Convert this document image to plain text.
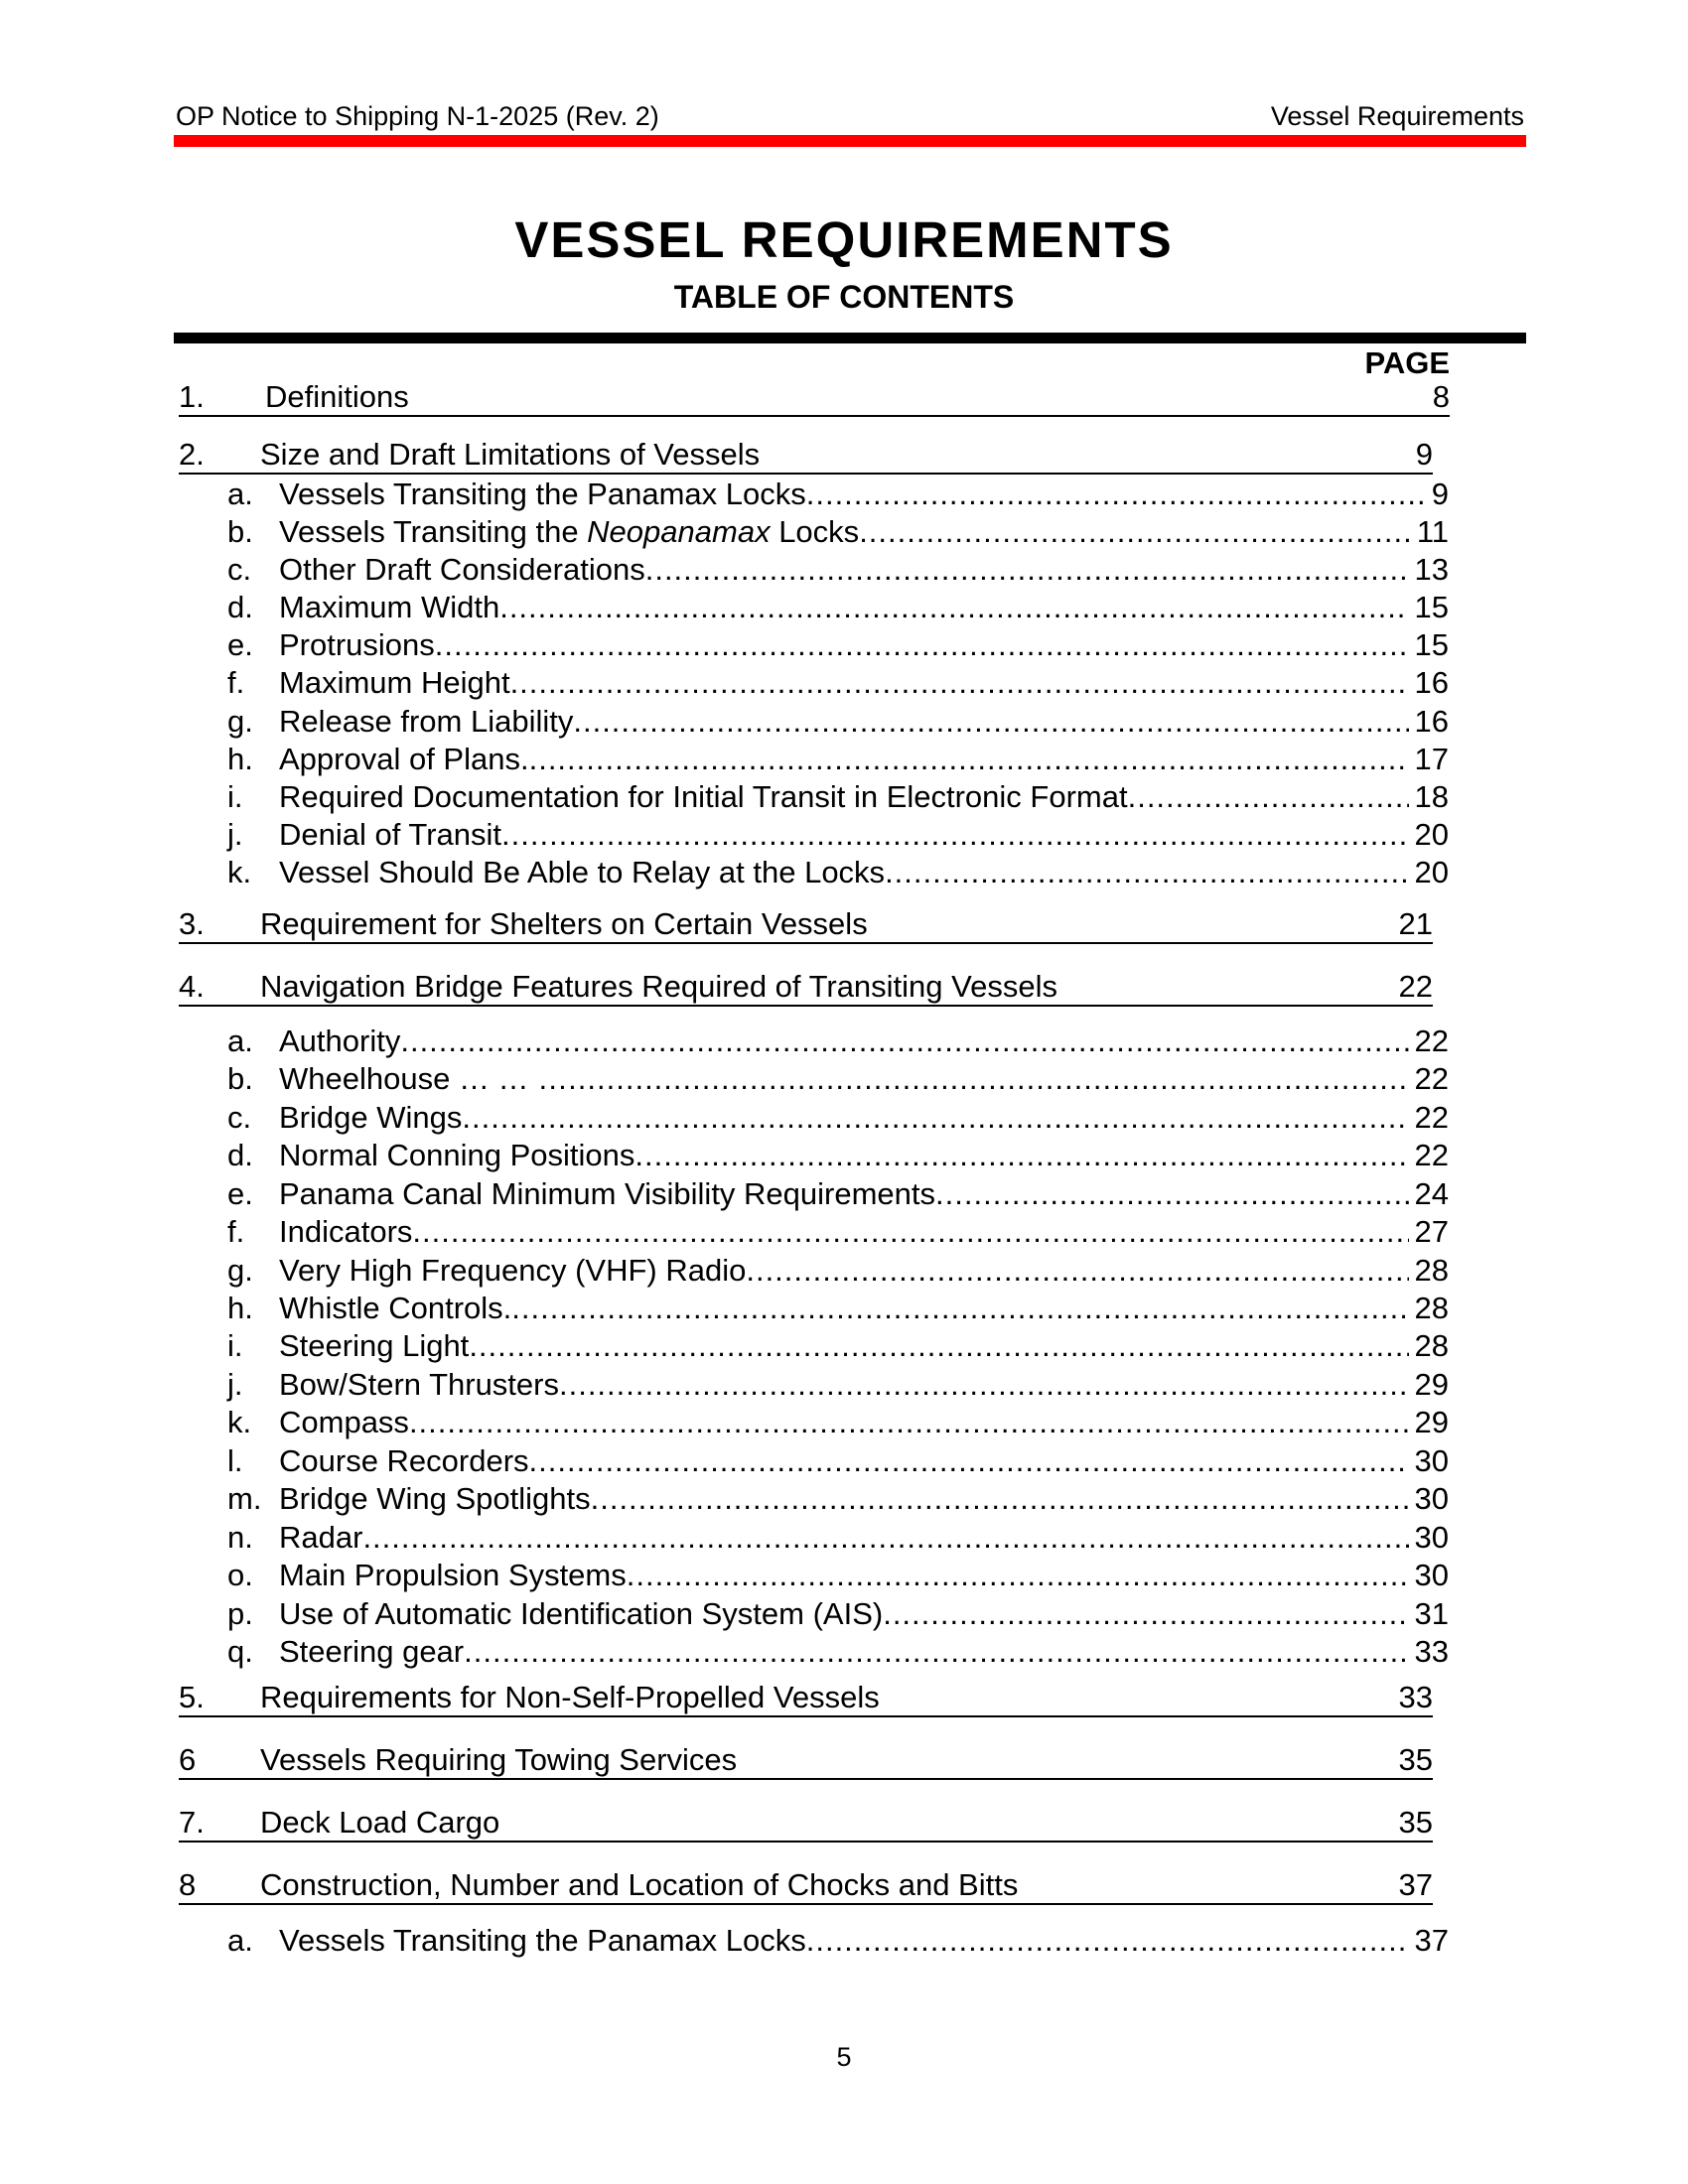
OP Notice to Shipping N-1-2025 (Rev. 2)	Vessel Requirements
VESSEL REQUIREMENTS
TABLE OF CONTENTS
PAGE
1. Definitions	8
2. Size and Draft Limitations of Vessels	9
a. Vessels Transiting the Panamax Locks .....	9
b. Vessels Transiting the Neopanamax Locks .....	11
c. Other Draft Considerations .....	13
d. Maximum Width .....	15
e. Protrusions .....	15
f.	Maximum Height .....	16
g. Release from Liability .....	16
h. Approval of Plans. .....	17
i.	Required Documentation for Initial Transit in Electronic Format .....	18
j.	Denial of Transit .....	20
k. Vessel Should Be Able to Relay at the Locks .....	20
3. Requirement for Shelters on Certain Vessels	21
4. Navigation Bridge Features Required of Transiting Vessels	22
a. Authority .....	22
b. Wheelhouse … … … .....	22
c. Bridge Wings .....	22
d. Normal Conning Positions .....	22
e. Panama Canal Minimum Visibility Requirements .....	24
f.	Indicators .....	27
g. Very High Frequency (VHF) Radio .....	28
h. Whistle Controls. .....	28
i.	Steering Light .....	28
j.	Bow/Stern Thrusters .....	29
k. Compass .....	29
l.	Course Recorders .....	30
m. Bridge Wing Spotlights .....	30
n. Radar .....	30
o. Main Propulsion Systems .....	30
p. Use of Automatic Identification System (AIS) .....	31
q. Steering gear .....	33
5. Requirements for Non-Self-Propelled Vessels	33
6 Vessels Requiring Towing Services	35
7. Deck Load Cargo	35
8 Construction, Number and Location of Chocks and Bitts	37
a. Vessels Transiting the Panamax Locks .....	37
5
